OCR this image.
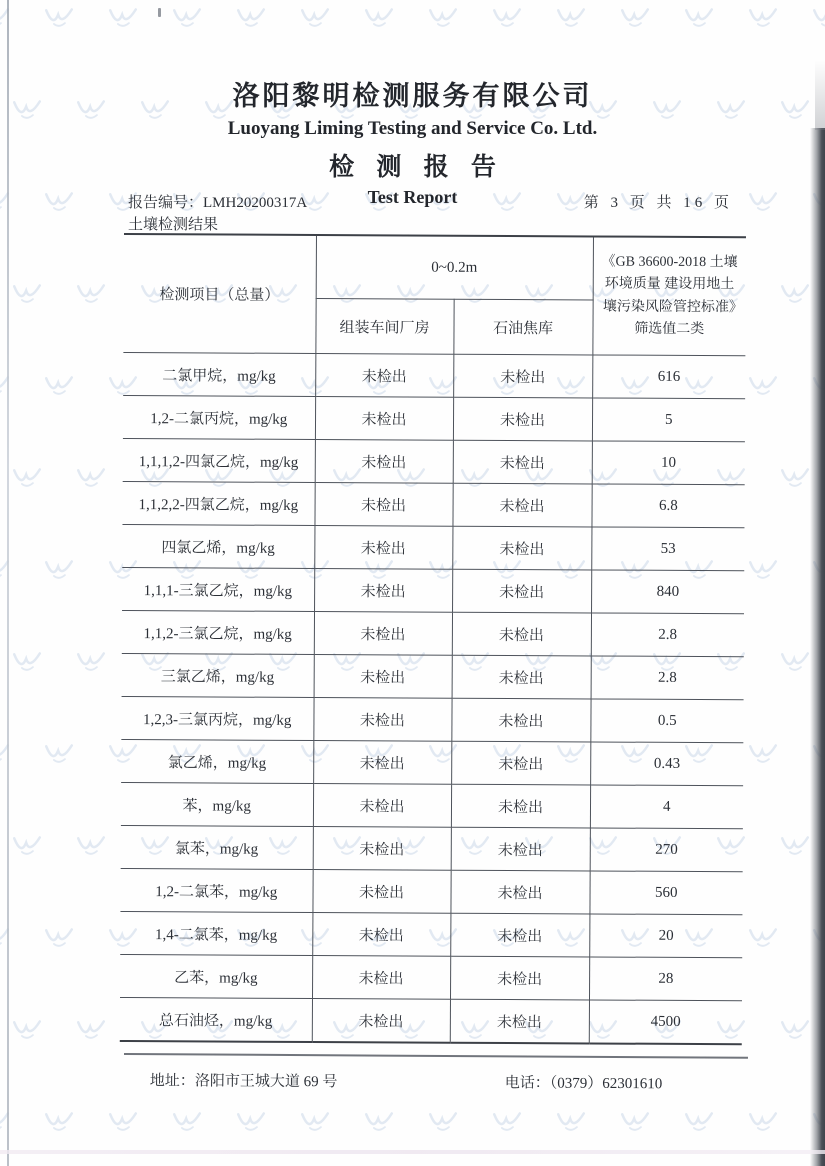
洛阳黎明检测服务有限公司
Luoyang Liming Testing and Service Co. Ltd.
检 测 报 告
Test Report
报告编号：LMH20200317A	第 3 页 共 16 页
土壤检测结果
检测项目（总量）	0~0.2m		《GB 36600-2018 土壤环境质量 建设用地土壤污染风险管控标准》筛选值二类
	组装车间厂房	石油焦库	
二氯甲烷，mg/kg	未检出	未检出	616
1,2-二氯丙烷，mg/kg	未检出	未检出	5
1,1,1,2-四氯乙烷，mg/kg	未检出	未检出	10
1,1,2,2-四氯乙烷，mg/kg	未检出	未检出	6.8
四氯乙烯，mg/kg	未检出	未检出	53
1,1,1-三氯乙烷，mg/kg	未检出	未检出	840
1,1,2-三氯乙烷，mg/kg	未检出	未检出	2.8
三氯乙烯，mg/kg	未检出	未检出	2.8
1,2,3-三氯丙烷，mg/kg	未检出	未检出	0.5
氯乙烯，mg/kg	未检出	未检出	0.43
苯，mg/kg	未检出	未检出	4
氯苯，mg/kg	未检出	未检出	270
1,2-二氯苯，mg/kg	未检出	未检出	560
1,4-二氯苯，mg/kg	未检出	未检出	20
乙苯，mg/kg	未检出	未检出	28
总石油烃，mg/kg	未检出	未检出	4500
地址：洛阳市王城大道 69 号	电话：（0379）62301610
